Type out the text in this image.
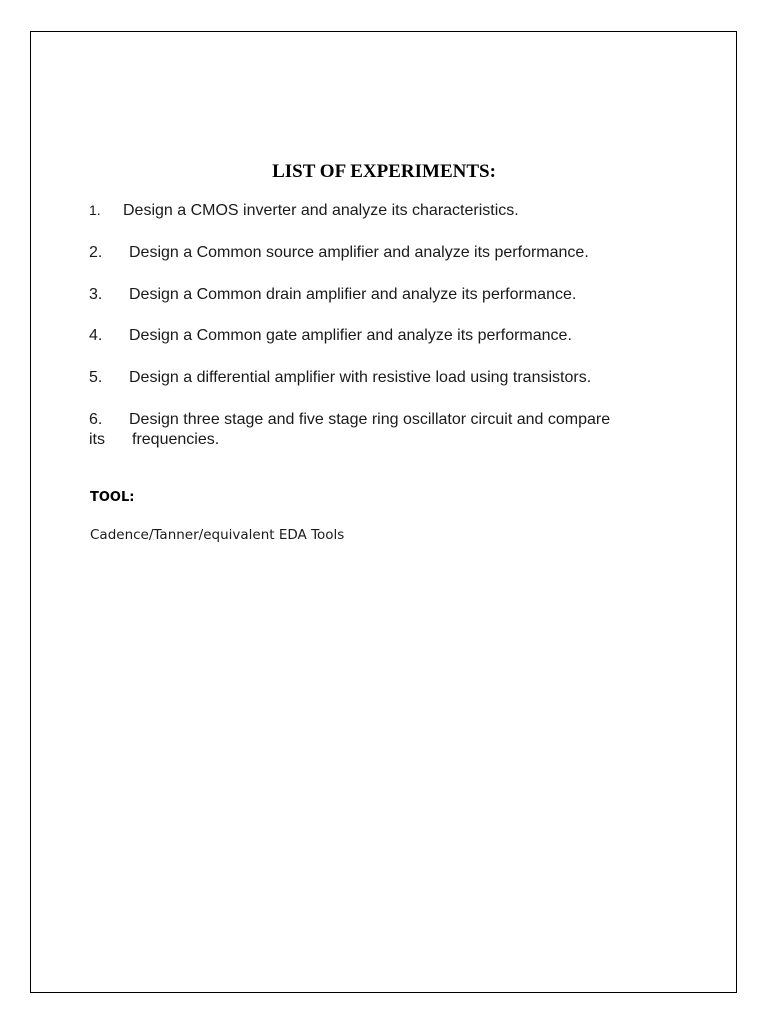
LIST OF EXPERIMENTS:
1. Design a CMOS inverter and analyze its characteristics.
2. Design a Common source amplifier and analyze its performance.
3. Design a Common drain amplifier and analyze its performance.
4. Design a Common gate amplifier and analyze its performance.
5. Design a differential amplifier with resistive load using transistors.
6. Design three stage and five stage ring oscillator circuit and compare
its frequencies.
TOOL:
Cadence/Tanner/equivalent EDA Tools
